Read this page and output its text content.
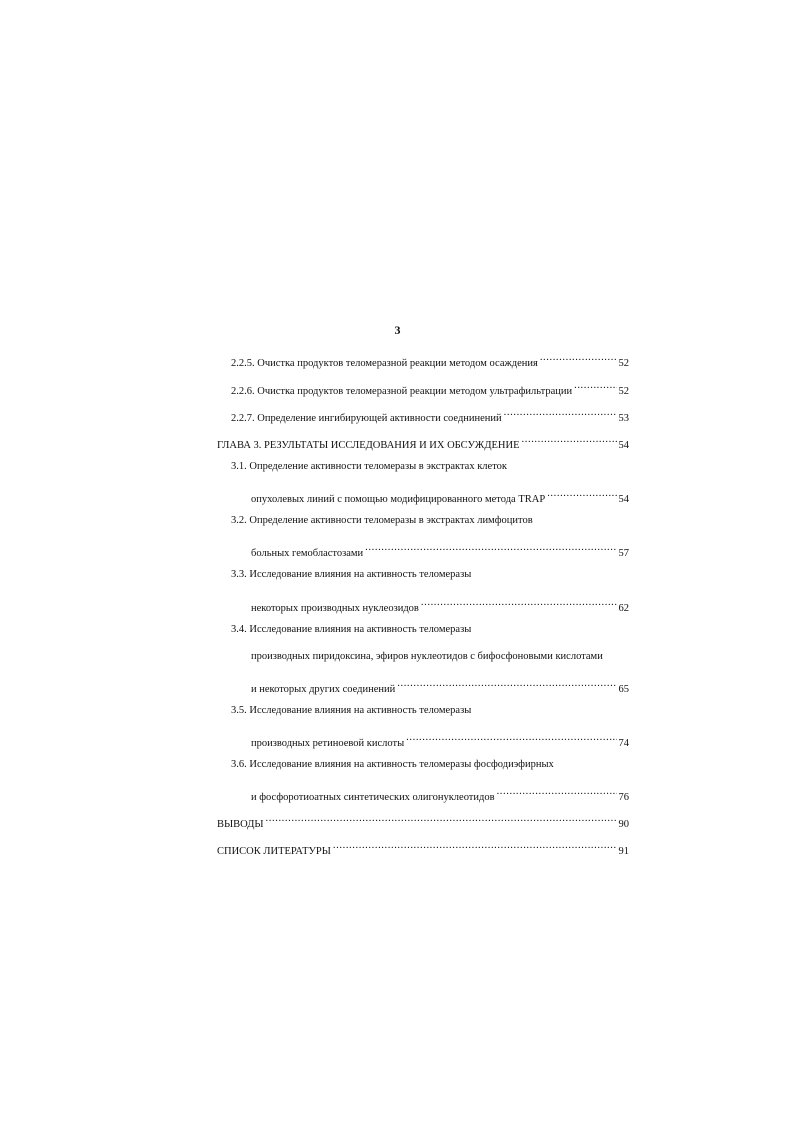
3
2.2.5. Очистка продуктов теломеразной реакции методом осаждения .....	52
2.2.6. Очистка продуктов теломеразной реакции методом ультрафильтрации .....	52
2.2.7. Определение ингибирующей активности соеднинений .....	53
ГЛАВА 3. РЕЗУЛЬТАТЫ ИССЛЕДОВАНИЯ И ИХ ОБСУЖДЕНИЕ .....	54
3.1. Определение активности теломеразы в экстрактах клеток
опухолевых линий с помощью модифицированного метода TRAP .....	54
3.2. Определение активности теломеразы в экстрактах лимфоцитов
больных гемобластозами .....	57
3.3. Исследование влияния на активность теломеразы
некоторых производных нуклеозидов .....	62
3.4. Исследование влияния на активность теломеразы
производных пиридоксина, эфиров нуклеотидов с бифосфоновыми кислотами
и некоторых других соединений .....	65
3.5. Исследование влияния на активность теломеразы
производных ретиноевой кислоты .....	74
3.6. Исследование влияния на активность теломеразы фосфодиэфирных
и фосфоротиоатных синтетических олигонуклеотидов .....	76
ВЫВОДЫ .....	90
СПИСОК ЛИТЕРАТУРЫ .....	91
